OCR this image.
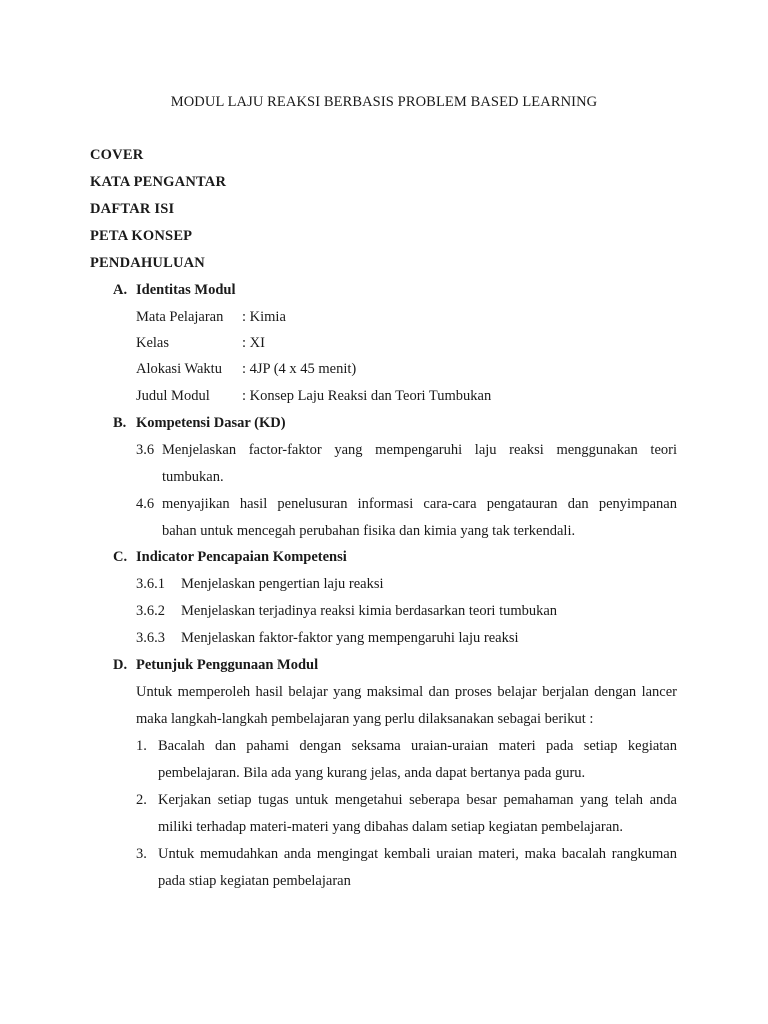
MODUL LAJU REAKSI BERBASIS PROBLEM BASED LEARNING
COVER
KATA PENGANTAR
DAFTAR ISI
PETA KONSEP
PENDAHULUAN
A. Identitas Modul
Mata Pelajaran : Kimia
Kelas	: XI
Alokasi Waktu : 4JP (4 x 45 menit)
Judul Modul : Konsep Laju Reaksi dan Teori Tumbukan
B. Kompetensi Dasar (KD)
3.6 Menjelaskan factor-faktor yang mempengaruhi laju reaksi menggunakan teori
tumbukan.
4.6 menyajikan hasil penelusuran informasi cara-cara pengatauran dan penyimpanan
bahan untuk mencegah perubahan fisika dan kimia yang tak terkendali.
C. Indicator Pencapaian Kompetensi
3.6.1 Menjelaskan pengertian laju reaksi
3.6.2 Menjelaskan terjadinya reaksi kimia berdasarkan teori tumbukan
3.6.3 Menjelaskan faktor-faktor yang mempengaruhi laju reaksi
D. Petunjuk Penggunaan Modul
Untuk memperoleh hasil belajar yang maksimal dan proses belajar berjalan dengan lancer
maka langkah-langkah pembelajaran yang perlu dilaksanakan sebagai berikut :
1. Bacalah dan pahami dengan seksama uraian-uraian materi pada setiap kegiatan
pembelajaran. Bila ada yang kurang jelas, anda dapat bertanya pada guru.
2. Kerjakan setiap tugas untuk mengetahui seberapa besar pemahaman yang telah anda
miliki terhadap materi-materi yang dibahas dalam setiap kegiatan pembelajaran.
3. Untuk memudahkan anda mengingat kembali uraian materi, maka bacalah rangkuman
pada stiap kegiatan pembelajaran
